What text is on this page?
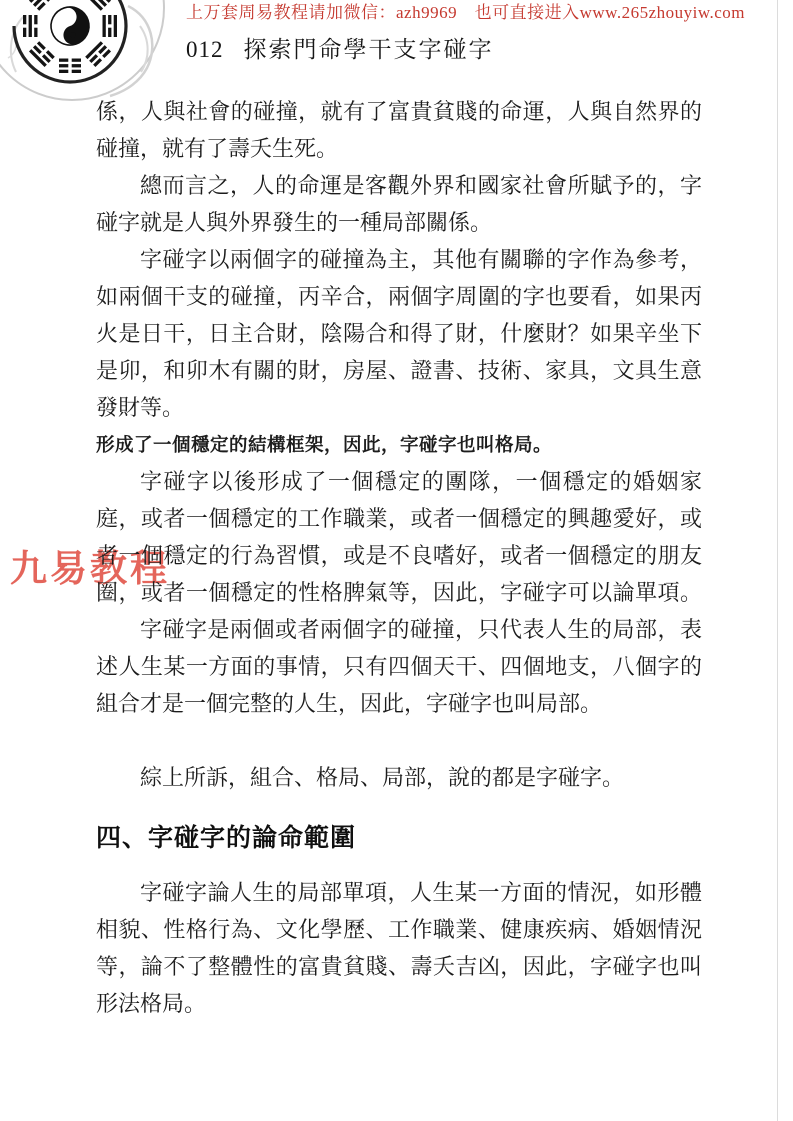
上万套周易教程请加微信：azh9969　也可直接进入www.265zhouyiw.com
012 探索門命學干支字碰字
九易教程
係，人與社會的碰撞，就有了富貴貧賤的命運，人與自然界的
碰撞，就有了壽夭生死。
總而言之，人的命運是客觀外界和國家社會所賦予的，字
碰字就是人與外界發生的一種局部關係。
字碰字以兩個字的碰撞為主，其他有關聯的字作為參考，
如兩個干支的碰撞，丙辛合，兩個字周圍的字也要看，如果丙
火是日干，日主合財，陰陽合和得了財，什麼財？如果辛坐下
是卯，和卯木有關的財，房屋、證書、技術、家具，文具生意
發財等。
形成了一個穩定的結構框架，因此，字碰字也叫格局。
字碰字以後形成了一個穩定的團隊，一個穩定的婚姻家
庭，或者一個穩定的工作職業，或者一個穩定的興趣愛好，或
者一個穩定的行為習慣，或是不良嗜好，或者一個穩定的朋友
圈，或者一個穩定的性格脾氣等，因此，字碰字可以論單項。
字碰字是兩個或者兩個字的碰撞，只代表人生的局部，表
述人生某一方面的事情，只有四個天干、四個地支，八個字的
組合才是一個完整的人生，因此，字碰字也叫局部。
綜上所訴，組合、格局、局部，說的都是字碰字。
四、字碰字的論命範圍
字碰字論人生的局部單項，人生某一方面的情況，如形體
相貌、性格行為、文化學歷、工作職業、健康疾病、婚姻情況
等，論不了整體性的富貴貧賤、壽夭吉凶，因此，字碰字也叫
形法格局。
